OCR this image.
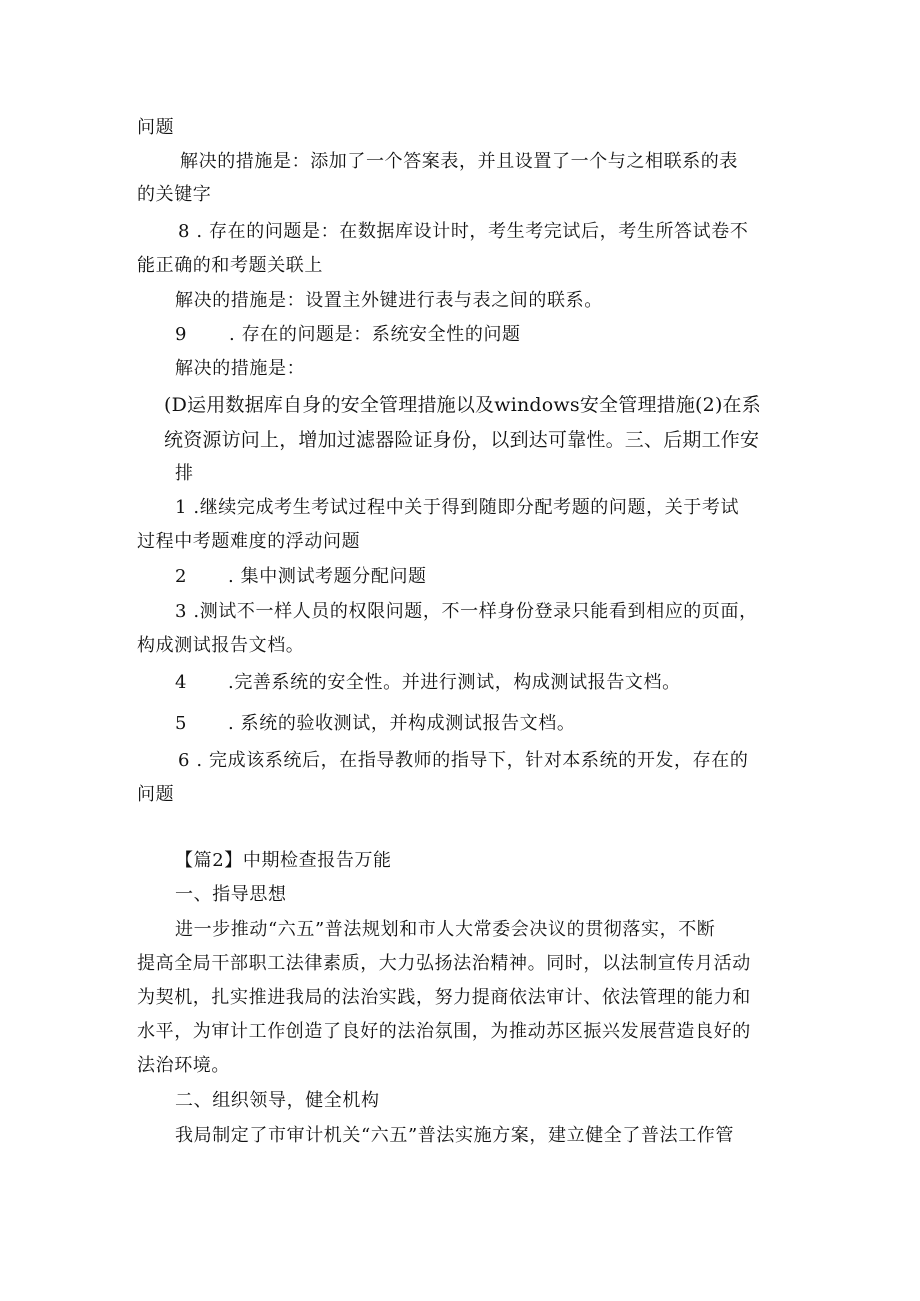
问题
解决的措施是：添加了一个答案表，并且设置了一个与之相联系的表
的关键字
8 . 存在的问题是：在数据库设计时，考生考完试后，考生所答试卷不
能正确的和考题关联上
解决的措施是：设置主外键进行表与表之间的联系。
9 . 存在的问题是：系统安全性的问题
解决的措施是：
(D运用数据库自身的安全管理措施以及windows安全管理措施(2)在系
统资源访问上，增加过滤器险证身份，以到达可靠性。三、后期工作安
排
1 .继续完成考生考试过程中关于得到随即分配考题的问题，关于考试
过程中考题难度的浮动问题
2 . 集中测试考题分配问题
3 .测试不一样人员的权限问题，不一样身份登录只能看到相应的页面，
构成测试报告文档。
4 .完善系统的安全性。并进行测试，构成测试报告文档。
5 . 系统的验收测试，并构成测试报告文档。
6 . 完成该系统后，在指导教师的指导下，针对本系统的开发，存在的
问题
【篇2】中期检查报告万能
一、指导思想
进一步推动“六五”普法规划和市人大常委会决议的贯彻落实，不断
提高全局干部职工法律素质，大力弘扬法治精神。同时，以法制宣传月活动
为契机，扎实推进我局的法治实践，努力提商依法审计、依法管理的能力和
水平，为审计工作创造了良好的法治氛围，为推动苏区振兴发展营造良好的
法治环境。
二、组织领导，健全机构
我局制定了市审计机关“六五”普法实施方案，建立健全了普法工作管
